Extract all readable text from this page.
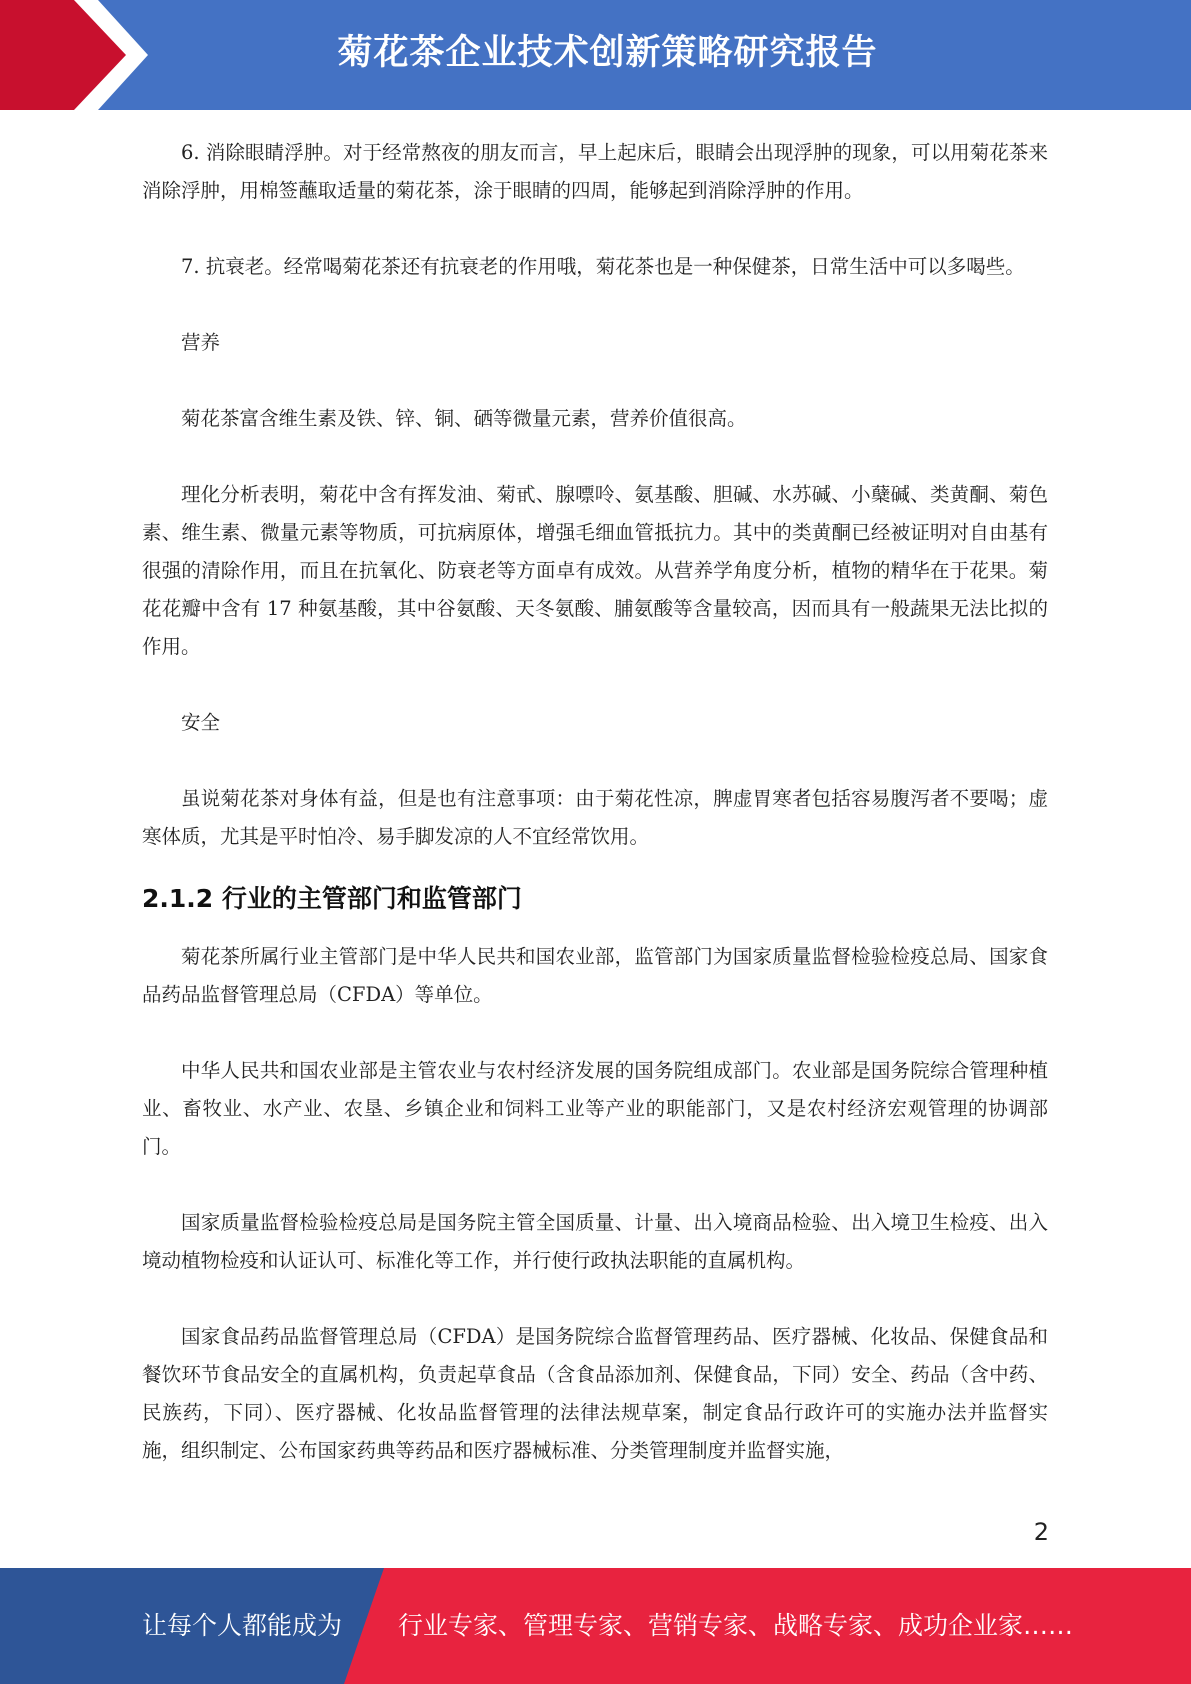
菊花茶企业技术创新策略研究报告

6. 消除眼睛浮肿。对于经常熬夜的朋友而言，早上起床后，眼睛会出现浮肿的现象，可以用菊花茶来消除浮肿，用棉签蘸取适量的菊花茶，涂于眼睛的四周，能够起到消除浮肿的作用。

7. 抗衰老。经常喝菊花茶还有抗衰老的作用哦，菊花茶也是一种保健茶，日常生活中可以多喝些。

营养

菊花茶富含维生素及铁、锌、铜、硒等微量元素，营养价值很高。

理化分析表明，菊花中含有挥发油、菊甙、腺嘌呤、氨基酸、胆碱、水苏碱、小蘖碱、类黄酮、菊色素、维生素、微量元素等物质，可抗病原体，增强毛细血管抵抗力。其中的类黄酮已经被证明对自由基有很强的清除作用，而且在抗氧化、防衰老等方面卓有成效。从营养学角度分析，植物的精华在于花果。菊花花瓣中含有 17 种氨基酸，其中谷氨酸、天冬氨酸、脯氨酸等含量较高，因而具有一般蔬果无法比拟的作用。

安全

虽说菊花茶对身体有益，但是也有注意事项：由于菊花性凉，脾虚胃寒者包括容易腹泻者不要喝；虚寒体质，尤其是平时怕冷、易手脚发凉的人不宜经常饮用。

2.1.2 行业的主管部门和监管部门

菊花茶所属行业主管部门是中华人民共和国农业部，监管部门为国家质量监督检验检疫总局、国家食品药品监督管理总局（CFDA）等单位。

中华人民共和国农业部是主管农业与农村经济发展的国务院组成部门。农业部是国务院综合管理种植业、畜牧业、水产业、农垦、乡镇企业和饲料工业等产业的职能部门，又是农村经济宏观管理的协调部门。

国家质量监督检验检疫总局是国务院主管全国质量、计量、出入境商品检验、出入境卫生检疫、出入境动植物检疫和认证认可、标准化等工作，并行使行政执法职能的直属机构。

国家食品药品监督管理总局（CFDA）是国务院综合监督管理药品、医疗器械、化妆品、保健食品和餐饮环节食品安全的直属机构，负责起草食品（含食品添加剂、保健食品，下同）安全、药品（含中药、民族药，下同）、医疗器械、化妆品监督管理的法律法规草案，制定食品行政许可的实施办法并监督实施，组织制定、公布国家药典等药品和医疗器械标准、分类管理制度并监督实施，

2
让每个人都能成为 行业专家、管理专家、营销专家、战略专家、成功企业家……
